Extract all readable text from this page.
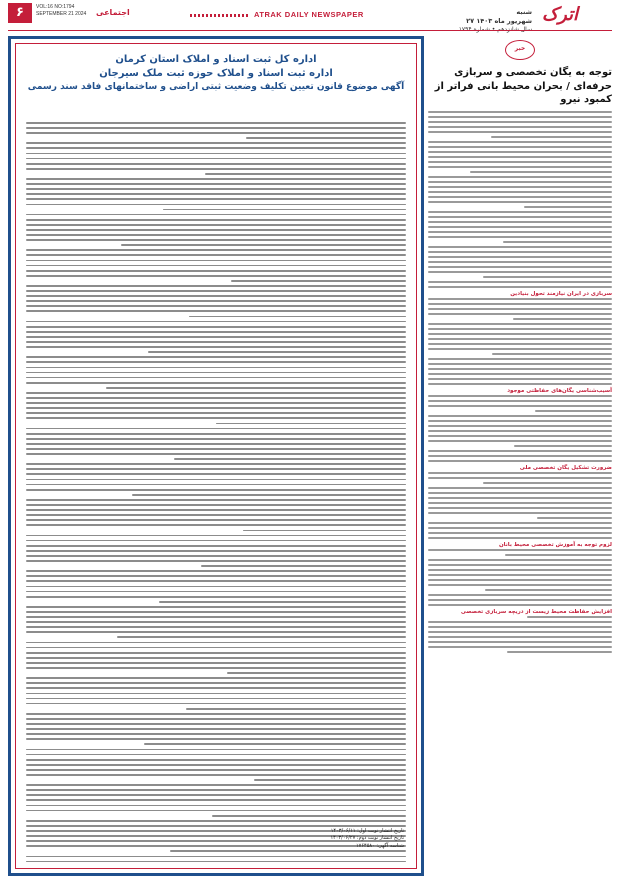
اترک
شنبه
۲۷ شهریور ماه ۱۴۰۳

ATRAK DAILY NEWSPAPER
اجتماعی
۶	VOL:16 NO:1794
SEPTEMBER 21 2024
خبر
توجه به یگان تخصصی و سربازی حرفه‌ای / بحران محیط بانی فراتر از کمبود نیرو
سربازی در ایران نیازمند تحول بنیادین
آسیب‌شناسی یگان‌های حفاظتی موجود
ضرورت تشکیل یگان تخصصی ملی
لزوم توجه به آموزش تخصصی محیط بانان
افزایش حفاظت محیط زیست از دریچه سربازی تخصصی
اداره کل ثبت اسناد و املاک استان کرمان
اداره ثبت اسناد و املاک حوزه ثبت ملک سیرجان
آگهی موضوع قانون تعیین تکلیف وضعیت ثبتی اراضی و ساختمانهای فاقد سند رسمی
تاریخ انتشار نوبت اول: ۱۴۰۳/۰۶/۱۱
تاریخ انتشار نوبت دوم: ۱۴۰۳/۰۶/۲۷
شناسه آگهی: ۱۷۶۴۵۸۰
